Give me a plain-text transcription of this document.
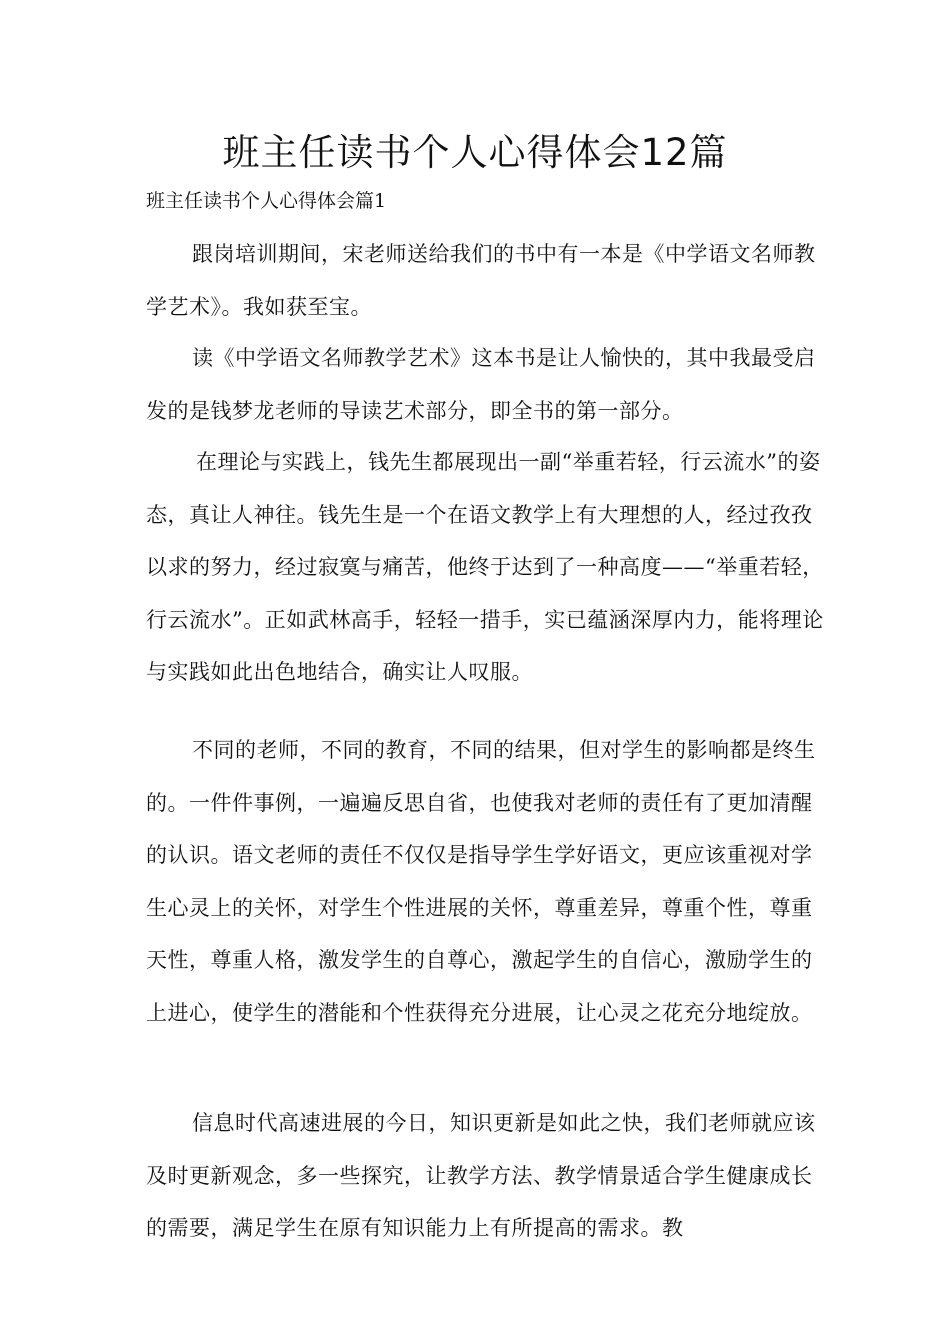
班主任读书个人心得体会12篇
班主任读书个人心得体会篇1

跟岗培训期间，宋老师送给我们的书中有一本是《中学语文名师教学艺术》。我如获至宝。

读《中学语文名师教学艺术》这本书是让人愉快的，其中我最受启发的是钱梦龙老师的导读艺术部分，即全书的第一部分。

在理论与实践上，钱先生都展现出一副“举重若轻，行云流水”的姿态，真让人神往。钱先生是一个在语文教学上有大理想的人，经过孜孜以求的努力，经过寂寞与痛苦，他终于达到了一种高度——“举重若轻，行云流水”。正如武林高手，轻轻一措手，实已蕴涵深厚内力，能将理论与实践如此出色地结合，确实让人叹服。

不同的老师，不同的教育，不同的结果，但对学生的影响都是终生的。一件件事例，一遍遍反思自省，也使我对老师的责任有了更加清醒的认识。语文老师的责任不仅仅是指导学生学好语文，更应该重视对学生心灵上的关怀，对学生个性进展的关怀，尊重差异，尊重个性，尊重天性，尊重人格，激发学生的自尊心，激起学生的自信心，激励学生的上进心，使学生的潜能和个性获得充分进展，让心灵之花充分地绽放。

信息时代高速进展的今日，知识更新是如此之快，我们老师就应该及时更新观念，多一些探究，让教学方法、教学情景适合学生健康成长的需要，满足学生在原有知识能力上有所提高的需求。教
